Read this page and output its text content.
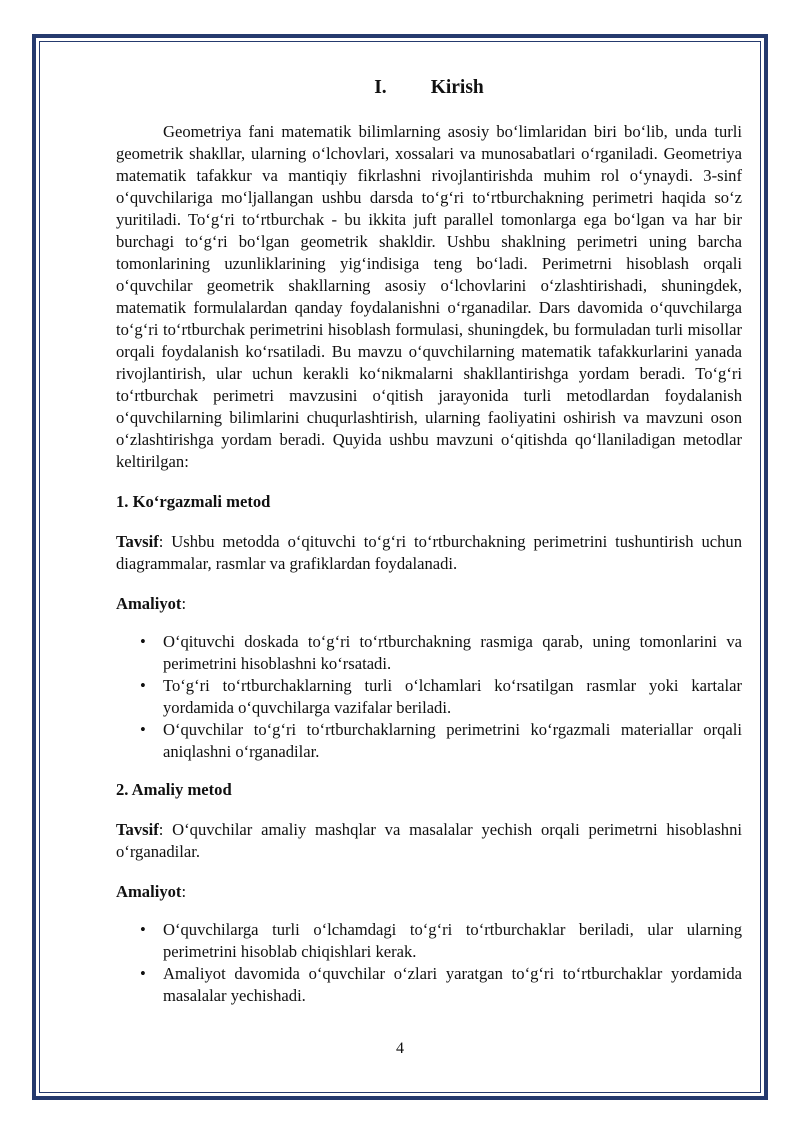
I. Kirish

Geometriya fani matematik bilimlarning asosiy bo‘limlaridan biri bo‘lib, unda turli geometrik shakllar, ularning o‘lchovlari, xossalari va munosabatlari o‘rganiladi. Geometriya matematik tafakkur va mantiqiy fikrlashni rivojlantirishda muhim rol o‘ynaydi. 3-sinf o‘quvchilariga mo‘ljallangan ushbu darsda to‘g‘ri to‘rtburchakning perimetri haqida so‘z yuritiladi. To‘g‘ri to‘rtburchak - bu ikkita juft parallel tomonlarga ega bo‘lgan va har bir burchagi to‘g‘ri bo‘lgan geometrik shakldir. Ushbu shaklning perimetri uning barcha tomonlarining uzunliklarining yig‘indisiga teng bo‘ladi. Perimetrni hisoblash orqali o‘quvchilar geometrik shakllarning asosiy o‘lchovlarini o‘zlashtirishadi, shuningdek, matematik formulalardan qanday foydalanishni o‘rganadilar. Dars davomida o‘quvchilarga to‘g‘ri to‘rtburchak perimetrini hisoblash formulasi, shuningdek, bu formuladan turli misollar orqali foydalanish ko‘rsatiladi. Bu mavzu o‘quvchilarning matematik tafakkurlarini yanada rivojlantirish, ular uchun kerakli ko‘nikmalarni shakllantirishga yordam beradi. To‘g‘ri to‘rtburchak perimetri mavzusini o‘qitish jarayonida turli metodlardan foydalanish o‘quvchilarning bilimlarini chuqurlashtirish, ularning faoliyatini oshirish va mavzuni oson o‘zlashtirishga yordam beradi. Quyida ushbu mavzuni o‘qitishda qo‘llaniladigan metodlar keltirilgan:

1. Ko‘rgazmali metod

Tavsif: Ushbu metodda o‘qituvchi to‘g‘ri to‘rtburchakning perimetrini tushuntirish uchun diagrammalar, rasmlar va grafiklardan foydalanadi.

Amaliyot:

• O‘qituvchi doskada to‘g‘ri to‘rtburchakning rasmiga qarab, uning tomonlarini va perimetrini hisoblashni ko‘rsatadi.
• To‘g‘ri to‘rtburchaklarning turli o‘lchamlari ko‘rsatilgan rasmlar yoki kartalar yordamida o‘quvchilarga vazifalar beriladi.
• O‘quvchilar to‘g‘ri to‘rtburchaklarning perimetrini ko‘rgazmali materiallar orqali aniqlashni o‘rganadilar.
2. Amaliy metod

Tavsif: O‘quvchilar amaliy mashqlar va masalalar yechish orqali perimetrni hisoblashni o‘rganadilar.

Amaliyot:

• O‘quvchilarga turli o‘lchamdagi to‘g‘ri to‘rtburchaklar beriladi, ular ularning perimetrini hisoblab chiqishlari kerak.
• Amaliyot davomida o‘quvchilar o‘zlari yaratgan to‘g‘ri to‘rtburchaklar yordamida masalalar yechishadi.
4
